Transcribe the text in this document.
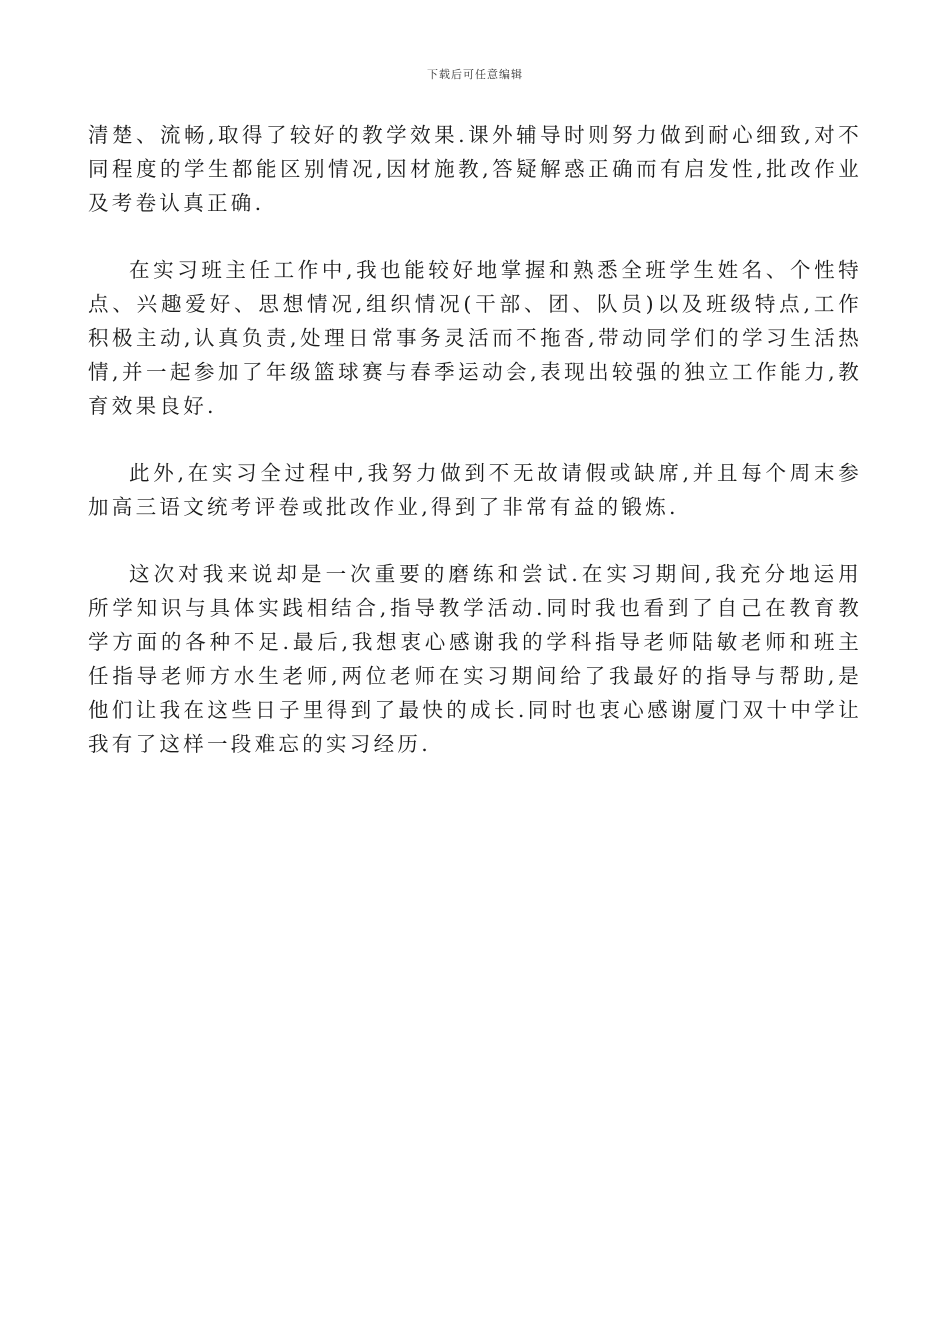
下载后可任意编辑

清楚、流畅,取得了较好的教学效果.课外辅导时则努力做到耐心细致,对不同程度的学生都能区别情况,因材施教,答疑解惑正确而有启发性,批改作业及考卷认真正确.

在实习班主任工作中,我也能较好地掌握和熟悉全班学生姓名、个性特点、兴趣爱好、思想情况,组织情况(干部、团、队员)以及班级特点,工作积极主动,认真负责,处理日常事务灵活而不拖沓,带动同学们的学习生活热情,并一起参加了年级篮球赛与春季运动会,表现出较强的独立工作能力,教育效果良好.

此外,在实习全过程中,我努力做到不无故请假或缺席,并且每个周末参加高三语文统考评卷或批改作业,得到了非常有益的锻炼.

这次对我来说却是一次重要的磨练和尝试.在实习期间,我充分地运用所学知识与具体实践相结合,指导教学活动.同时我也看到了自己在教育教学方面的各种不足.最后,我想衷心感谢我的学科指导老师陆敏老师和班主任指导老师方水生老师,两位老师在实习期间给了我最好的指导与帮助,是他们让我在这些日子里得到了最快的成长.同时也衷心感谢厦门双十中学让我有了这样一段难忘的实习经历.
